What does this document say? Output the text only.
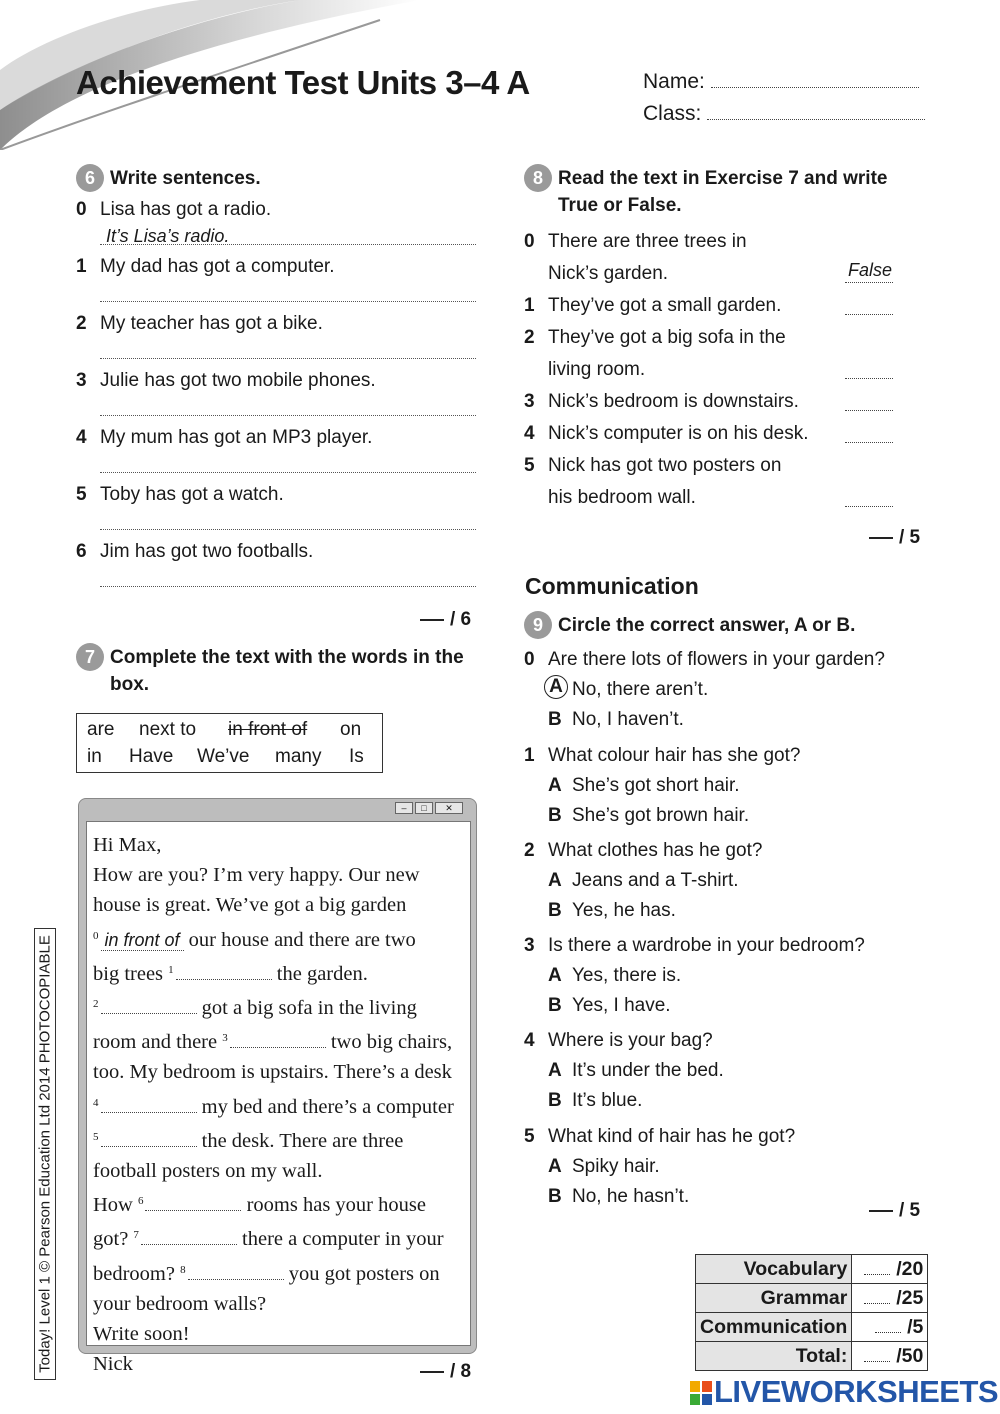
Achievement Test Units 3–4 A	Name:
Class:
6 Write sentences.
0 Lisa has got a radio.
It’s Lisa’s radio.
1 My dad has got a computer.
2 My teacher has got a bike.
3 Julie has got two mobile phones.
4 My mum has got an MP3 player.
5 Toby has got a watch.
6 Jim has got two footballs.
/ 6
7 Complete the text with the words in the
box.
are next to in front of on
in Have We’ve many Is
–	□	✕
Hi Max,
How are you? I’m very happy. Our new
house is great. We’ve got a big garden
$^0$ in front of our house and there are two
big trees $^1$	the garden.
$^2$	got a big sofa in the living
room and there $^3$	two big chairs,
too. My bedroom is upstairs. There’s a desk
$^4$	my bed and there’s a computer
$^5$	the desk. There are three
football posters on my wall.
How $^6$	rooms has your house
got? $^7$	there a computer in your
bedroom? $^8$	you got posters on
your bedroom walls?
Write soon!
Nick	/ 8
8 Read the text in Exercise 7 and write
True or False.
0 There are three trees in
Nick’s garden.	False
1 They’ve got a small garden.
2 They’ve got a big sofa in the
living room.
3 Nick’s bedroom is downstairs.
4 Nick’s computer is on his desk.
5 Nick has got two posters on
his bedroom wall.
/ 5
Communication
9 Circle the correct answer, A or B.
0 Are there lots of flowers in your garden?
A No, there aren’t.
B No, I haven’t.
1 What colour hair has she got?
A She’s got short hair.
B She’s got brown hair.
2 What clothes has he got?
A Jeans and a T-shirt.
B Yes, he has.
3 Is there a wardrobe in your bedroom?
A Yes, there is.
B Yes, I have.
4 Where is your bag?
A It’s under the bed.
B It’s blue.
5 What kind of hair has he got?
A Spiky hair.
B No, he hasn’t.
/ 5
Vocabulary	/20
Grammar	/25
Communication	/5
Total:	/50
Today! Level 1 © Pearson Education Ltd 2014 PHOTOCOPIABLE
LIVEWORKSHEETS
